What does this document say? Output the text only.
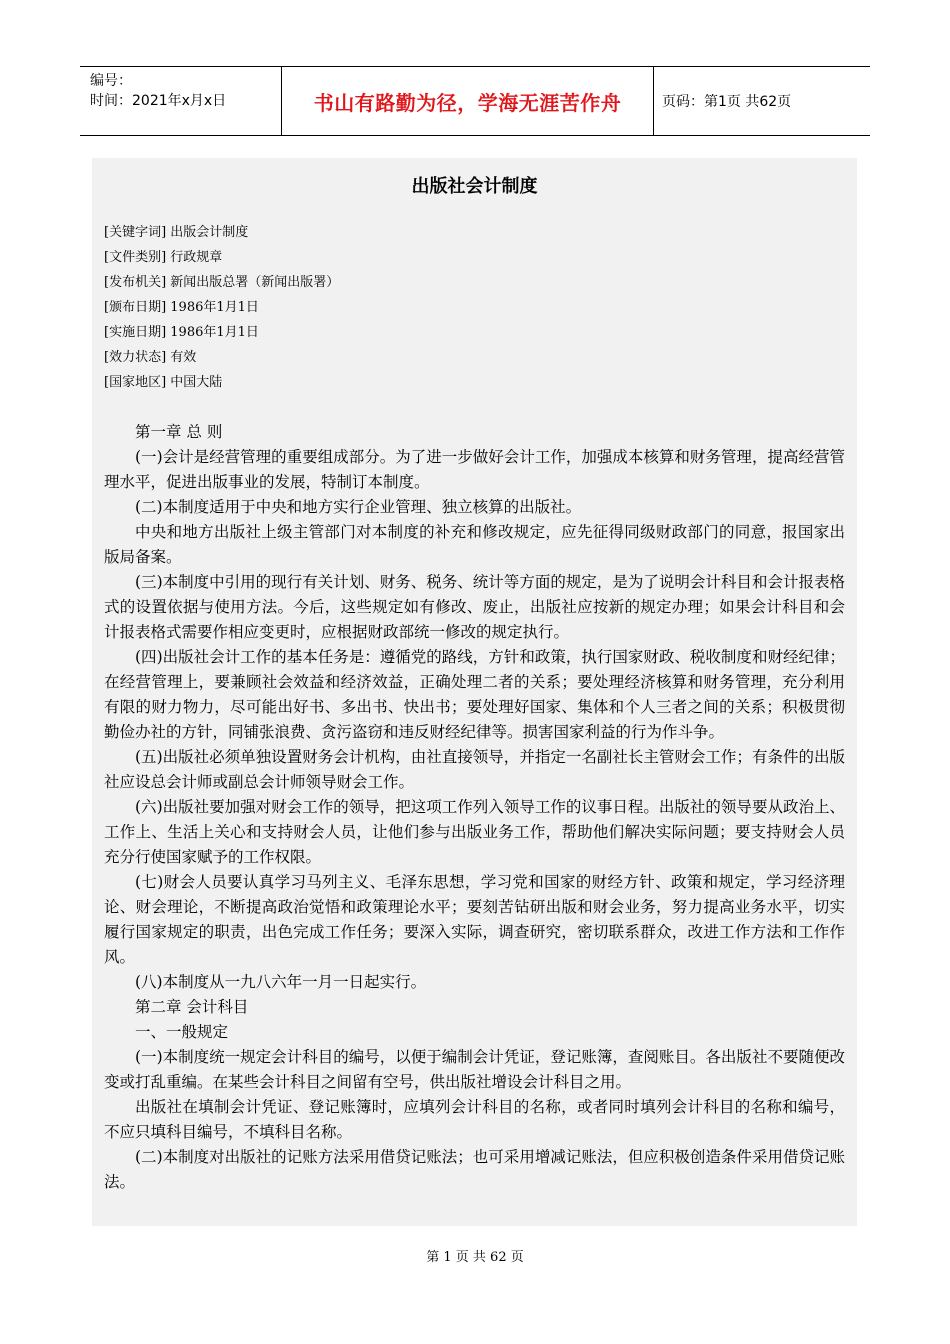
编号：
时间：2021年x月x日	书山有路勤为径，学海无涯苦作舟	页码：第1页 共62页
出版社会计制度
[关键字词] 出版会计制度
[文件类别] 行政规章
[发布机关] 新闻出版总署（新闻出版署）
[颁布日期] 1986年1月1日
[实施日期] 1986年1月1日
[效力状态] 有效
[国家地区] 中国大陆

第一章 总 则

(一)会计是经营管理的重要组成部分。为了进一步做好会计工作，加强成本核算和财务管理，提高经营管理水平，促进出版事业的发展，特制订本制度。

(二)本制度适用于中央和地方实行企业管理、独立核算的出版社。

中央和地方出版社上级主管部门对本制度的补充和修改规定，应先征得同级财政部门的同意，报国家出版局备案。

(三)本制度中引用的现行有关计划、财务、税务、统计等方面的规定，是为了说明会计科目和会计报表格式的设置依据与使用方法。今后，这些规定如有修改、废止，出版社应按新的规定办理；如果会计科目和会计报表格式需要作相应变更时，应根据财政部统一修改的规定执行。

(四)出版社会计工作的基本任务是：遵循党的路线，方针和政策，执行国家财政、税收制度和财经纪律；在经营管理上，要兼顾社会效益和经济效益，正确处理二者的关系；要处理经济核算和财务管理，充分利用有限的财力物力，尽可能出好书、多出书、快出书；要处理好国家、集体和个人三者之间的关系；积极贯彻勤俭办社的方针，同铺张浪费、贪污盗窃和违反财经纪律等。损害国家利益的行为作斗争。

(五)出版社必须单独设置财务会计机构，由社直接领导，并指定一名副社长主管财会工作；有条件的出版社应设总会计师或副总会计师领导财会工作。

(六)出版社要加强对财会工作的领导，把这项工作列入领导工作的议事日程。出版社的领导要从政治上、工作上、生活上关心和支持财会人员，让他们参与出版业务工作，帮助他们解决实际问题；要支持财会人员充分行使国家赋予的工作权限。

(七)财会人员要认真学习马列主义、毛泽东思想，学习党和国家的财经方针、政策和规定，学习经济理论、财会理论，不断提高政治觉悟和政策理论水平；要刻苦钻研出版和财会业务，努力提高业务水平，切实履行国家规定的职责，出色完成工作任务；要深入实际，调查研究，密切联系群众，改进工作方法和工作作风。

(八)本制度从一九八六年一月一日起实行。

第二章 会计科目

一、一般规定

(一)本制度统一规定会计科目的编号，以便于编制会计凭证，登记账簿，查阅账目。各出版社不要随便改变或打乱重编。在某些会计科目之间留有空号，供出版社增设会计科目之用。

出版社在填制会计凭证、登记账簿时，应填列会计科目的名称，或者同时填列会计科目的名称和编号，不应只填科目编号，不填科目名称。

(二)本制度对出版社的记账方法采用借贷记账法；也可采用增减记账法，但应积极创造条件采用借贷记账法。

第 1 页 共 62 页
